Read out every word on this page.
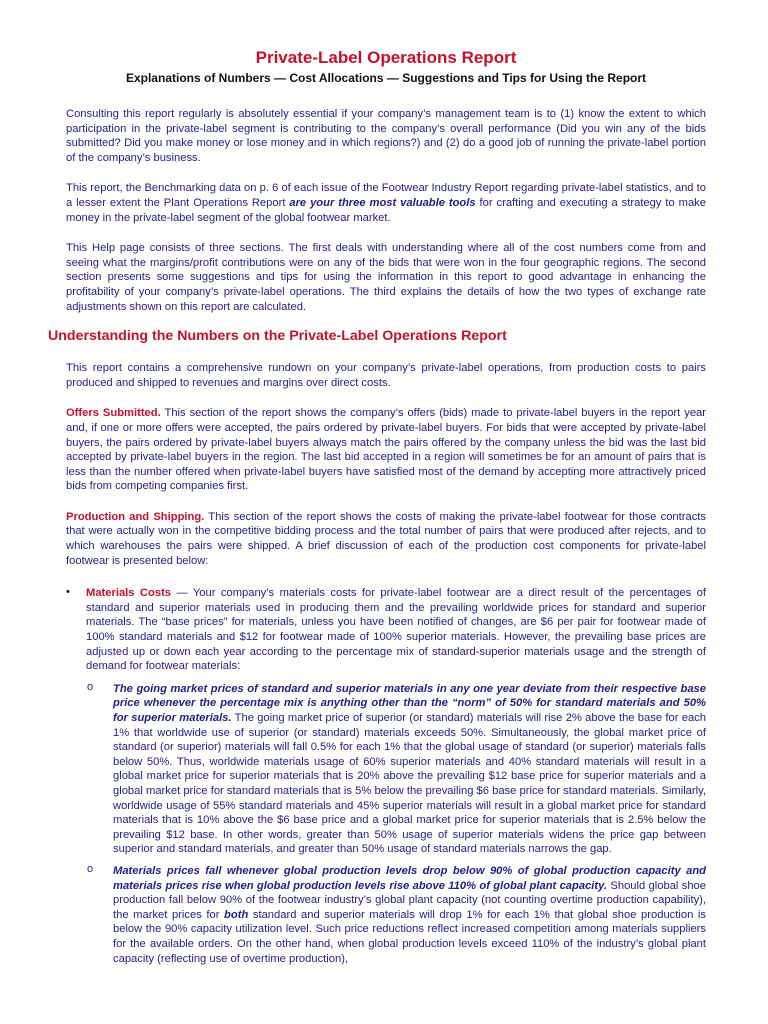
Private-Label Operations Report
Explanations of Numbers — Cost Allocations — Suggestions and Tips for Using the Report

Consulting this report regularly is absolutely essential if your company’s management team is to (1) know the extent to which participation in the private-label segment is contributing to the company’s overall performance (Did you win any of the bids submitted? Did you make money or lose money and in which regions?) and (2) do a good job of running the private-label portion of the company’s business.

This report, the Benchmarking data on p. 6 of each issue of the Footwear Industry Report regarding private-label statistics, and to a lesser extent the Plant Operations Report are your three most valuable tools for crafting and executing a strategy to make money in the private-label segment of the global footwear market.

This Help page consists of three sections. The first deals with understanding where all of the cost numbers come from and seeing what the margins/profit contributions were on any of the bids that were won in the four geographic regions. The second section presents some suggestions and tips for using the information in this report to good advantage in enhancing the profitability of your company’s private-label operations. The third explains the details of how the two types of exchange rate adjustments shown on this report are calculated.

Understanding the Numbers on the Private-Label Operations Report

This report contains a comprehensive rundown on your company’s private-label operations, from production costs to pairs produced and shipped to revenues and margins over direct costs.

Offers Submitted. This section of the report shows the company’s offers (bids) made to private-label buyers in the report year and, if one or more offers were accepted, the pairs ordered by private-label buyers. For bids that were accepted by private-label buyers, the pairs ordered by private-label buyers always match the pairs offered by the company unless the bid was the last bid accepted by private-label buyers in the region. The last bid accepted in a region will sometimes be for an amount of pairs that is less than the number offered when private-label buyers have satisfied most of the demand by accepting more attractively priced bids from competing companies first.

Production and Shipping. This section of the report shows the costs of making the private-label footwear for those contracts that were actually won in the competitive bidding process and the total number of pairs that were produced after rejects, and to which warehouses the pairs were shipped. A brief discussion of each of the production cost components for private-label footwear is presented below:

• Materials Costs — Your company’s materials costs for private-label footwear are a direct result of the percentages of standard and superior materials used in producing them and the prevailing worldwide prices for standard and superior materials. The “base prices” for materials, unless you have been notified of changes, are $6 per pair for footwear made of 100% standard materials and $12 for footwear made of 100% superior materials. However, the prevailing base prices are adjusted up or down each year according to the percentage mix of standard-superior materials usage and the strength of demand for footwear materials:

o The going market prices of standard and superior materials in any one year deviate from their respective base price whenever the percentage mix is anything other than the “norm” of 50% for standard materials and 50% for superior materials. The going market price of superior (or standard) materials will rise 2% above the base for each 1% that worldwide use of superior (or standard) materials exceeds 50%. Simultaneously, the global market price of standard (or superior) materials will fall 0.5% for each 1% that the global usage of standard (or superior) materials falls below 50%. Thus, worldwide materials usage of 60% superior materials and 40% standard materials will result in a global market price for superior materials that is 20% above the prevailing $12 base price for superior materials and a global market price for standard materials that is 5% below the prevailing $6 base price for standard materials. Similarly, worldwide usage of 55% standard materials and 45% superior materials will result in a global market price for standard materials that is 10% above the $6 base price and a global market price for superior materials that is 2.5% below the prevailing $12 base. In other words, greater than 50% usage of superior materials widens the price gap between superior and standard materials, and greater than 50% usage of standard materials narrows the gap.

o Materials prices fall whenever global production levels drop below 90% of global production capacity and materials prices rise when global production levels rise above 110% of global plant capacity. Should global shoe production fall below 90% of the footwear industry’s global plant capacity (not counting overtime production capability), the market prices for both standard and superior materials will drop 1% for each 1% that global shoe production is below the 90% capacity utilization level. Such price reductions reflect increased competition among materials suppliers for the available orders. On the other hand, when global production levels exceed 110% of the industry’s global plant capacity (reflecting use of overtime production),
